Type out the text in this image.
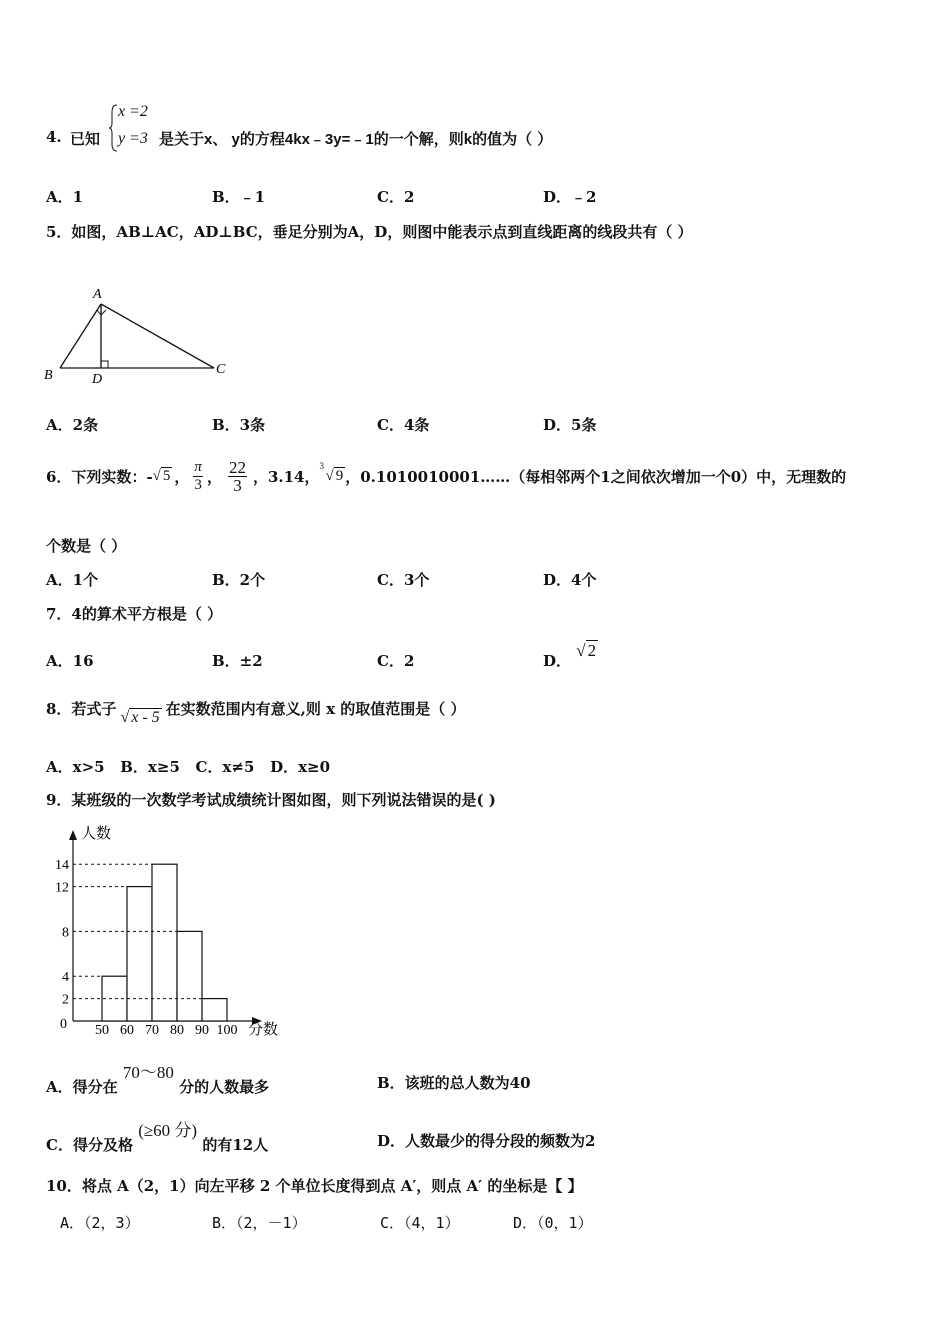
4. 已知
x =2
y =3 是关于x、 y的方程4kx﹣3y=﹣1的一个解，则k的值为（ ）
A．1	B．﹣1	C．2	D．﹣2
5．如图，AB⊥AC，AD⊥BC，垂足分别为A，D，则图中能表示点到直线距离的线段共有（ ）
A
B	C
D
A．2条	B．3条	C．4条	D．5条
6．下列实数：- √ 5 ， $\frac{\pi}{3}$ ， $\frac{22}{3}$ ，3.14，
3
√ 9 ，0.1010010001……（每相邻两个1之间依次增加一个0）中，无理数的
个数是（ ）
A．1个	B．2个	C．3个	D．4个
7．4的算术平方根是（ ）
A．16	B．±2	C．2	D． √ 2
8．若式子 √ x - 5 在实数范围内有意义,则 x 的取值范围是（ ）
A．x>5   B．x≥5   C．x≠5   D．x≥0
9．某班级的一次数学考试成绩统计图如图，则下列说法错误的是( )
人数
分数
0
2
4
8
12
14
50 60 70 80 90 100
A．得分在 70～80 分的人数最多	B．该班的总人数为40
C．得分及格 (≥60 分) 的有12人	D．人数最少的得分段的频数为2
10．将点 A（2，1）向左平移 2 个单位长度得到点 A′，则点 A′ 的坐标是【 】
A．（2，3）	B．（2，－1）	C．（4，1）	D．（0，1）
